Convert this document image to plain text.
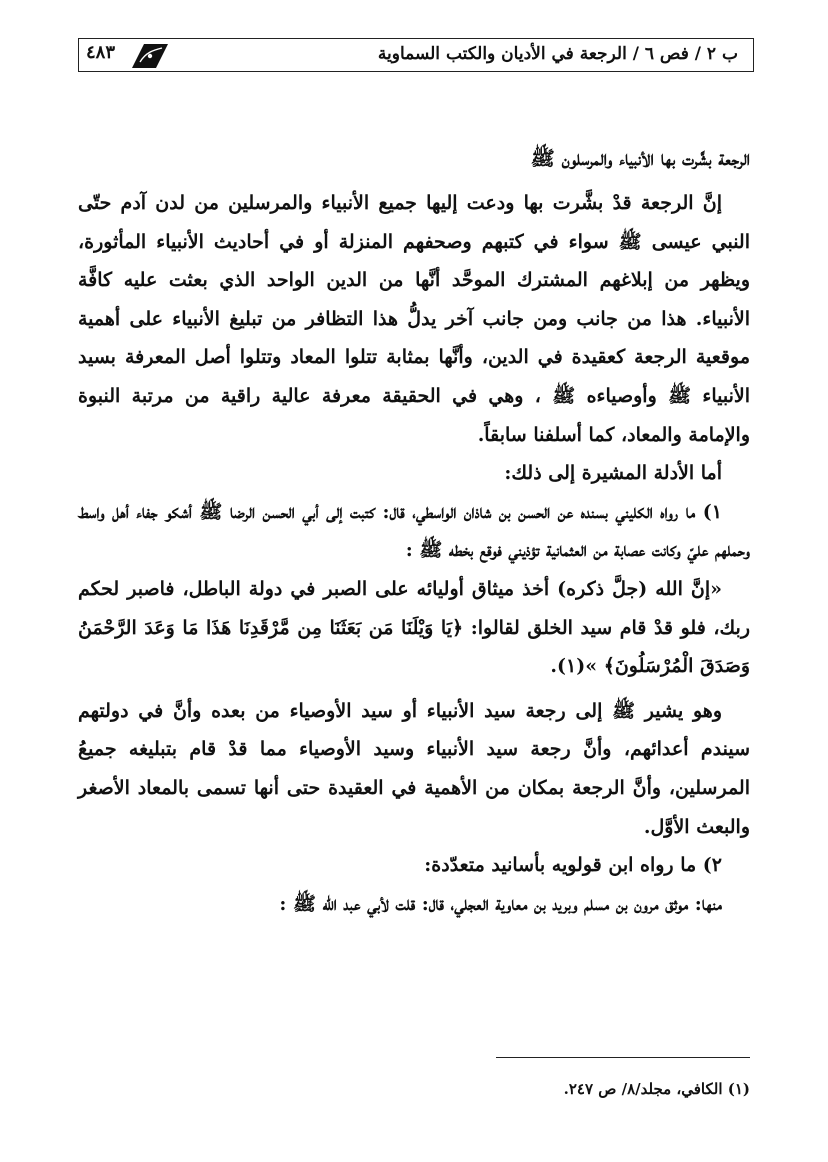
ب ٢ / فص ٦ / الرجعة في الأديان والكتب السماوية
٤٨٣
الرجعة بشَّرت بها الأنبياء والمرسلون ﷺ

إنَّ الرجعة قدْ بشَّرت بها ودعت إليها جميع الأنبياء والمرسلين من لدن آدم حتّى النبي عيسى ﷺ سواء في كتبهم وصحفهم المنزلة أو في أحاديث الأنبياء المأثورة، ويظهر من إبلاغهم المشترك الموحَّد أنَّها من الدين الواحد الذي بعثت عليه كافَّة الأنبياء. هذا من جانب ومن جانب آخر يدلُّ هذا التظافر من تبليغ الأنبياء على أهمية موقعية الرجعة كعقيدة في الدين، وأنَّها بمثابة تتلوا المعاد وتتلوا أصل المعرفة بسيد الأنبياء ﷺ وأوصياءه ﷺ ، وهي في الحقيقة معرفة عالية راقية من مرتبة النبوة والإمامة والمعاد، كما أسلفنا سابقاً.

أما الأدلة المشيرة إلى ذلك:

١) ما رواه الكليني بسنده عن الحسن بن شاذان الواسطي، قال: كتبت إلى أبي الحسن الرضا ﷺ أشكو جفاء أهل واسط وحملهم عليّ وكانت عصابة من العثمانية تؤذيني فوقع بخطه ﷺ :

«إنَّ الله (جلَّ ذكره) أخذ ميثاق أوليائه على الصبر في دولة الباطل، فاصبر لحكم ربك، فلو قدْ قام سيد الخلق لقالوا: ﴿يَا وَيْلَنَا مَن بَعَثَنَا مِن مَّرْقَدِنَا هَذَا مَا وَعَدَ الرَّحْمَنُ وَصَدَقَ الْمُرْسَلُونَ﴾ »(١).

وهو يشير ﷺ إلى رجعة سيد الأنبياء أو سيد الأوصياء من بعده وأنَّ في دولتهم سيندم أعدائهم، وأنَّ رجعة سيد الأنبياء وسيد الأوصياء مما قدْ قام بتبليغه جميعُ المرسلين، وأنَّ الرجعة بمكان من الأهمية في العقيدة حتى أنها تسمى بالمعاد الأصغر والبعث الأوَّل.

٢) ما رواه ابن قولويه بأسانيد متعدّدة:

منها: موثق مرون بن مسلم وبريد بن معاوية العجلي، قال: قلت لأبي عبد الله ﷺ :

(١) الكافي، مجلد/٨/ ص ٢٤٧.
